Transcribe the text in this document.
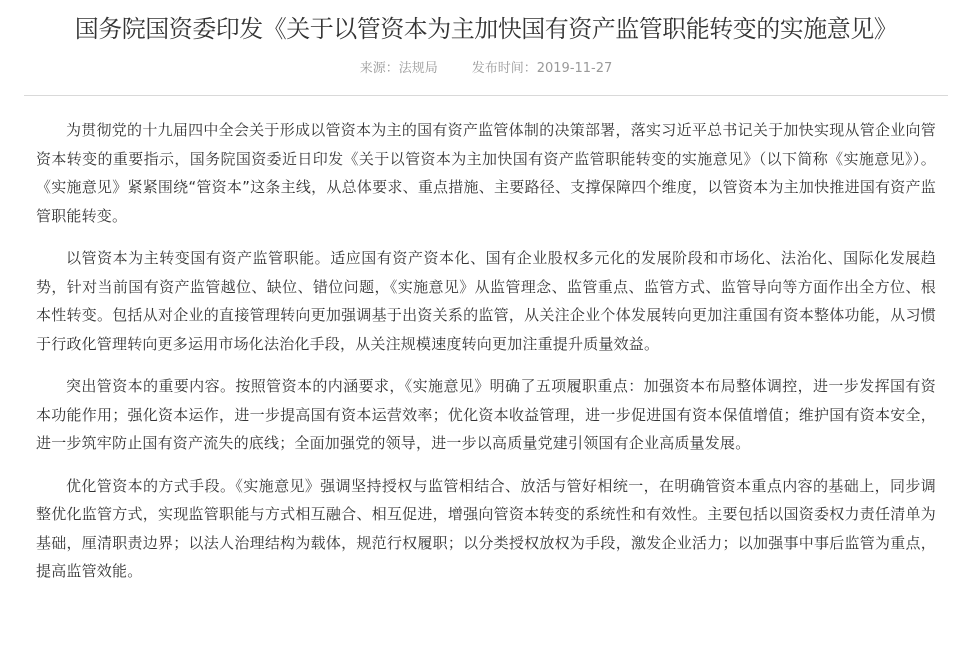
国务院国资委印发《关于以管资本为主加快国有资产监管职能转变的实施意见》
来源：法规局	发布时间：2019-11-27

为贯彻党的十九届四中全会关于形成以管资本为主的国有资产监管体制的决策部署，落实习近平总书记关于加快实现从管企业向管资本转变的重要指示，国务院国资委近日印发《关于以管资本为主加快国有资产监管职能转变的实施意见》（以下简称《实施意见》）。《实施意见》紧紧围绕“管资本”这条主线，从总体要求、重点措施、主要路径、支撑保障四个维度，以管资本为主加快推进国有资产监管职能转变。

以管资本为主转变国有资产监管职能。适应国有资产资本化、国有企业股权多元化的发展阶段和市场化、法治化、国际化发展趋势，针对当前国有资产监管越位、缺位、错位问题，《实施意见》从监管理念、监管重点、监管方式、监管导向等方面作出全方位、根本性转变。包括从对企业的直接管理转向更加强调基于出资关系的监管，从关注企业个体发展转向更加注重国有资本整体功能，从习惯于行政化管理转向更多运用市场化法治化手段，从关注规模速度转向更加注重提升质量效益。

突出管资本的重要内容。按照管资本的内涵要求，《实施意见》明确了五项履职重点：加强资本布局整体调控，进一步发挥国有资本功能作用；强化资本运作，进一步提高国有资本运营效率；优化资本收益管理，进一步促进国有资本保值增值；维护国有资本安全，进一步筑牢防止国有资产流失的底线；全面加强党的领导，进一步以高质量党建引领国有企业高质量发展。

优化管资本的方式手段。《实施意见》强调坚持授权与监管相结合、放活与管好相统一，在明确管资本重点内容的基础上，同步调整优化监管方式，实现监管职能与方式相互融合、相互促进，增强向管资本转变的系统性和有效性。主要包括以国资委权力责任清单为基础，厘清职责边界；以法人治理结构为载体，规范行权履职；以分类授权放权为手段，激发企业活力；以加强事中事后监管为重点，提高监管效能。
